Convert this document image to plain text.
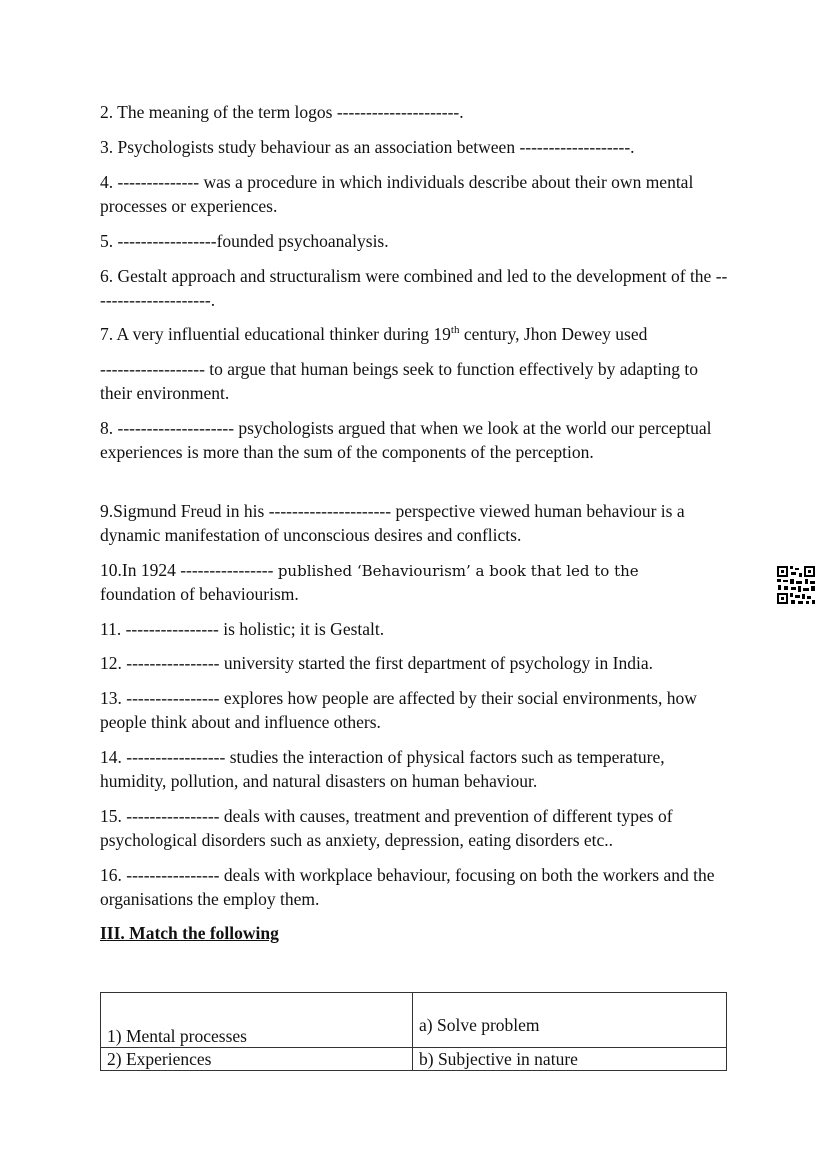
2. The meaning of the term logos ---------------------.

3. Psychologists study behaviour as an association between -------------------.

4. -------------- was a procedure in which individuals describe about their own mental processes or experiences.

5. -----------------founded psychoanalysis.

6. Gestalt approach and structuralism were combined and led to the development of the ---------------------.

7. A very influential educational thinker during 19th century, Jhon Dewey used

------------------ to argue that human beings seek to function effectively by adapting to their environment.

8. -------------------- psychologists argued that when we look at the world our perceptual experiences is more than the sum of the components of the perception.

9.Sigmund Freud in his --------------------- perspective viewed human behaviour is a dynamic manifestation of unconscious desires and conflicts.

10.In 1924 ---------------- published ‘Behaviourism’ a book that led to the

foundation of behaviourism.

11. ---------------- is holistic; it is Gestalt.

12. ---------------- university started the first department of psychology in India.

13. ---------------- explores how people are affected by their social environments, how people think about and influence others.

14. ----------------- studies the interaction of physical factors such as temperature, humidity, pollution, and natural disasters on human behaviour.

15. ---------------- deals with causes, treatment and prevention of different types of psychological disorders such as anxiety, depression, eating disorders etc..

16. ---------------- deals with workplace behaviour, focusing on both the workers and the organisations the employ them.

III. Match the following

1) Mental processes	a) Solve problem
2) Experiences	b) Subjective in nature
